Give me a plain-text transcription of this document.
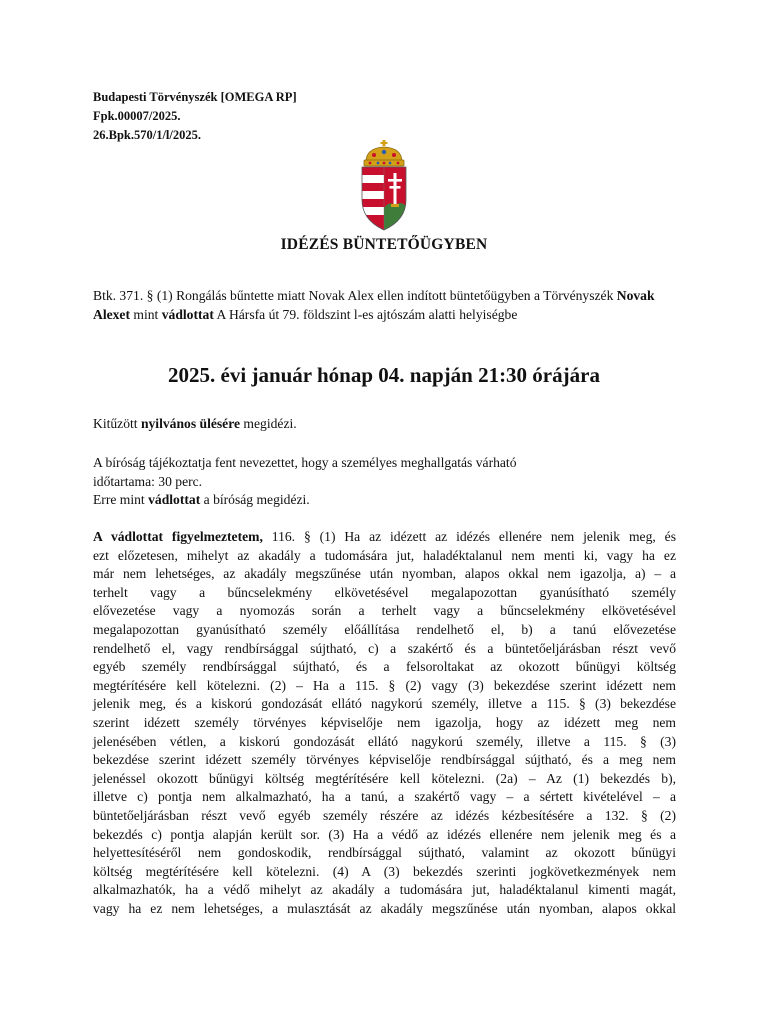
Budapesti Törvényszék [OMEGA RP]
Fpk.00007/2025.
26.Bpk.570/1/l/2025.
IDÉZÉS BÜNTETŐÜGYBEN
Btk. 371. § (1) Rongálás bűntette miatt Novak Alex ellen indított büntetőügyben a Törvényszék Novak Alexet mint vádlottat A Hársfa út 79. földszint l-es ajtószám alatti helyiségbe
2025. évi január hónap 04. napján 21:30 órájára
Kitűzött nyilvános ülésére megidézi.
A bíróság tájékoztatja fent nevezettet, hogy a személyes meghallgatás várható
időtartama: 30 perc.
Erre mint vádlottat a bíróság megidézi.
A vádlottat figyelmeztetem, 116. § (1) Ha az idézett az idézés ellenére nem jelenik meg, és
ezt előzetesen, mihelyt az akadály a tudomására jut, haladéktalanul nem menti ki, vagy ha ez
már nem lehetséges, az akadály megszűnése után nyomban, alapos okkal nem igazolja, a) – a
terhelt vagy a bűncselekmény elkövetésével megalapozottan gyanúsítható személy
elővezetése vagy a nyomozás során a terhelt vagy a bűncselekmény elkövetésével
megalapozottan gyanúsítható személy előállítása rendelhető el, b) a tanú elővezetése
rendelhető el, vagy rendbírsággal sújtható, c) a szakértő és a büntetőeljárásban részt vevő
egyéb személy rendbírsággal sújtható, és a felsoroltakat az okozott bűnügyi költség
megtérítésére kell kötelezni. (2) – Ha a 115. § (2) vagy (3) bekezdése szerint idézett nem
jelenik meg, és a kiskorú gondozását ellátó nagykorú személy, illetve a 115. § (3) bekezdése
szerint idézett személy törvényes képviselője nem igazolja, hogy az idézett meg nem
jelenésében vétlen, a kiskorú gondozását ellátó nagykorú személy, illetve a 115. § (3)
bekezdése szerint idézett személy törvényes képviselője rendbírsággal sújtható, és a meg nem
jelenéssel okozott bűnügyi költség megtérítésére kell kötelezni. (2a) – Az (1) bekezdés b),
illetve c) pontja nem alkalmazható, ha a tanú, a szakértő vagy – a sértett kivételével – a
büntetőeljárásban részt vevő egyéb személy részére az idézés kézbesítésére a 132. § (2)
bekezdés c) pontja alapján került sor. (3) Ha a védő az idézés ellenére nem jelenik meg és a
helyettesítéséről nem gondoskodik, rendbírsággal sújtható, valamint az okozott bűnügyi
költség megtérítésére kell kötelezni. (4) A (3) bekezdés szerinti jogkövetkezmények nem
alkalmazhatók, ha a védő mihelyt az akadály a tudomására jut, haladéktalanul kimenti magát,
vagy ha ez nem lehetséges, a mulasztását az akadály megszűnése után nyomban, alapos okkal
